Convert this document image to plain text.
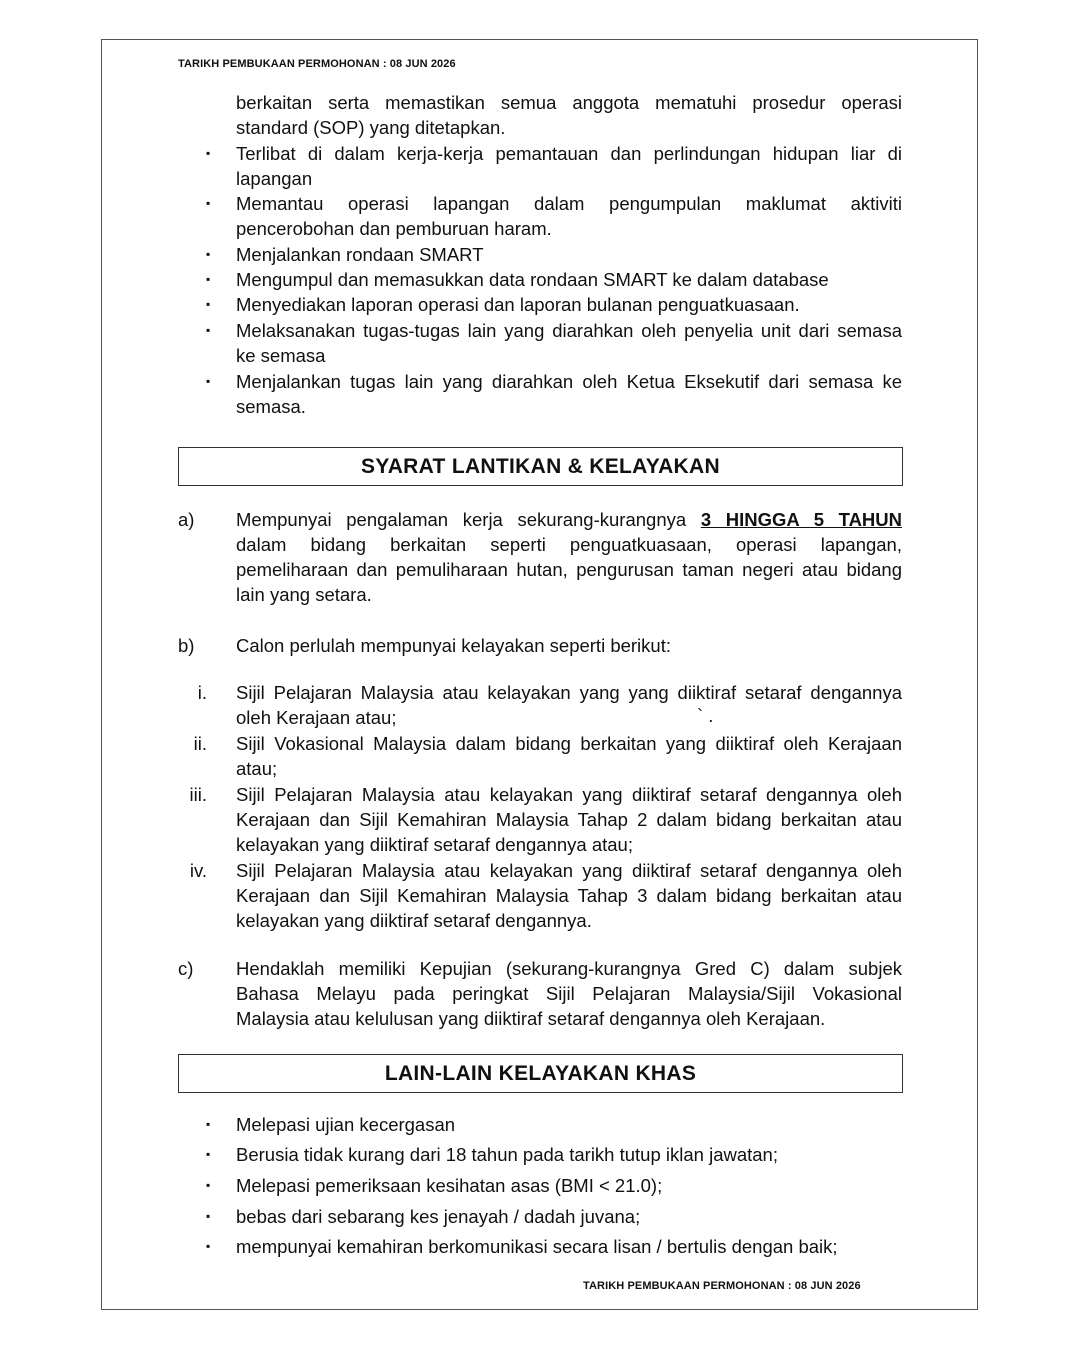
TARIKH PEMBUKAAN PERMOHONAN : 08 JUN 2026
berkaitan serta memastikan semua anggota mematuhi prosedur operasi
standard (SOP) yang ditetapkan.
▪ Terlibat di dalam kerja-kerja pemantauan dan perlindungan hidupan liar di
lapangan
▪ Memantau operasi lapangan dalam pengumpulan maklumat aktiviti
pencerobohan dan pemburuan haram.
▪ Menjalankan rondaan SMART
▪ Mengumpul dan memasukkan data rondaan SMART ke dalam database
▪ Menyediakan laporan operasi dan laporan bulanan penguatkuasaan.
▪ Melaksanakan tugas-tugas lain yang diarahkan oleh penyelia unit dari semasa
ke semasa
▪ Menjalankan tugas lain yang diarahkan oleh Ketua Eksekutif dari semasa ke
semasa.
SYARAT LANTIKAN & KELAYAKAN
a) Mempunyai pengalaman kerja sekurang-kurangnya 3 HINGGA 5 TAHUN
dalam bidang berkaitan seperti penguatkuasaan, operasi lapangan,
pemeliharaan dan pemuliharaan hutan, pengurusan taman negeri atau bidang
lain yang setara.
b) Calon perlulah mempunyai kelayakan seperti berikut:
i. Sijil Pelajaran Malaysia atau kelayakan yang yang diiktiraf setaraf dengannya
oleh Kerajaan atau;	` .
ii. Sijil Vokasional Malaysia dalam bidang berkaitan yang diiktiraf oleh Kerajaan
atau;
iii. Sijil Pelajaran Malaysia atau kelayakan yang diiktiraf setaraf dengannya oleh
Kerajaan dan Sijil Kemahiran Malaysia Tahap 2 dalam bidang berkaitan atau
kelayakan yang diiktiraf setaraf dengannya atau;
iv. Sijil Pelajaran Malaysia atau kelayakan yang diiktiraf setaraf dengannya oleh
Kerajaan dan Sijil Kemahiran Malaysia Tahap 3 dalam bidang berkaitan atau
kelayakan yang diiktiraf setaraf dengannya.
c) Hendaklah memiliki Kepujian (sekurang-kurangnya Gred C) dalam subjek
Bahasa Melayu pada peringkat Sijil Pelajaran Malaysia/Sijil Vokasional
Malaysia atau kelulusan yang diiktiraf setaraf dengannya oleh Kerajaan.
LAIN-LAIN KELAYAKAN KHAS
▪ Melepasi ujian kecergasan
▪ Berusia tidak kurang dari 18 tahun pada tarikh tutup iklan jawatan;
▪ Melepasi pemeriksaan kesihatan asas (BMI < 21.0);
▪ bebas dari sebarang kes jenayah / dadah juvana;
▪ mempunyai kemahiran berkomunikasi secara lisan / bertulis dengan baik;
TARIKH PEMBUKAAN PERMOHONAN : 08 JUN 2026
